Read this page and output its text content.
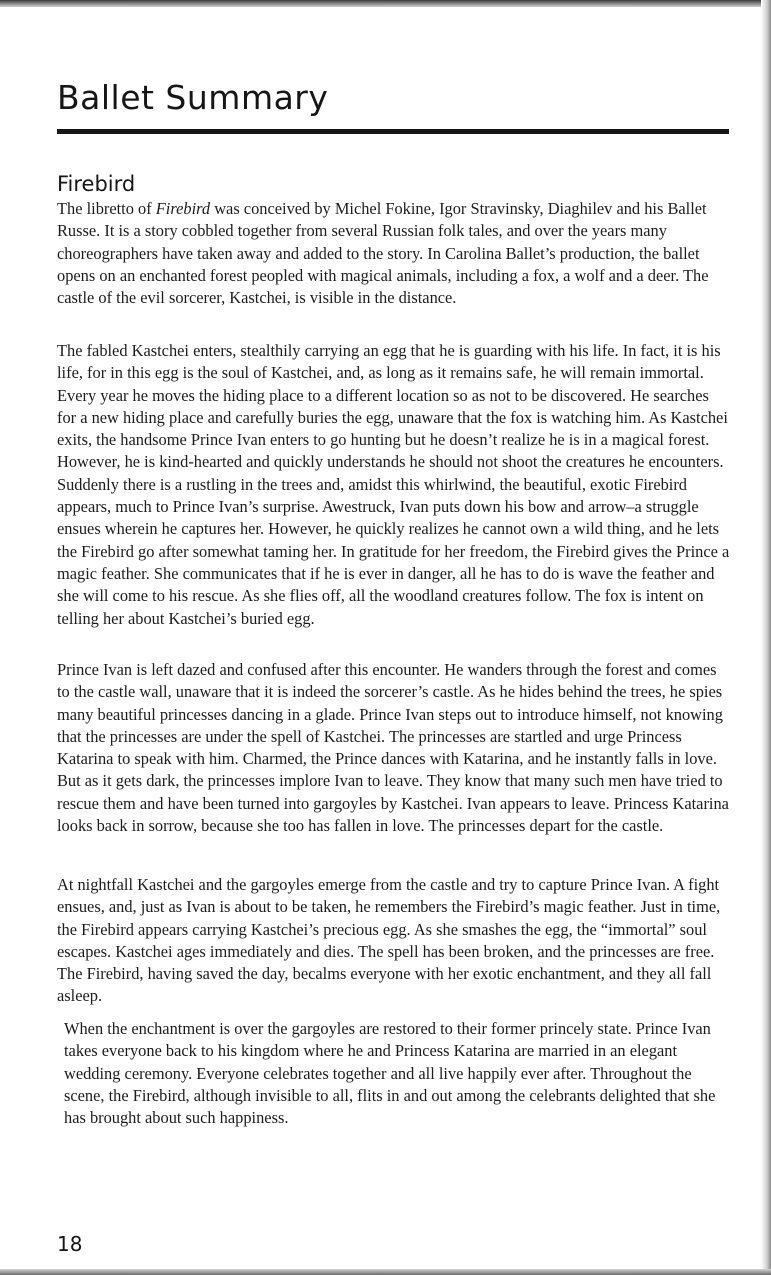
Ballet Summary
Firebird

The libretto of Firebird was conceived by Michel Fokine, Igor Stravinsky, Diaghilev and his Ballet Russe. It is a story cobbled together from several Russian folk tales, and over the years many choreographers have taken away and added to the story. In Carolina Ballet’s production, the ballet opens on an enchanted forest peopled with magical animals, including a fox, a wolf and a deer. The castle of the evil sorcerer, Kastchei, is visible in the distance.

The fabled Kastchei enters, stealthily carrying an egg that he is guarding with his life. In fact, it is his life, for in this egg is the soul of Kastchei, and, as long as it remains safe, he will remain immortal. Every year he moves the hiding place to a different location so as not to be discovered. He searches for a new hiding place and carefully buries the egg, unaware that the fox is watching him. As Kastchei exits, the handsome Prince Ivan enters to go hunting but he doesn’t realize he is in a magical forest. However, he is kind-hearted and quickly understands he should not shoot the creatures he encounters. Suddenly there is a rustling in the trees and, amidst this whirlwind, the beautiful, exotic Firebird appears, much to Prince Ivan’s surprise. Awestruck, Ivan puts down his bow and arrow–a struggle ensues wherein he captures her. However, he quickly realizes he cannot own a wild thing, and he lets the Firebird go after somewhat taming her. In gratitude for her freedom, the Firebird gives the Prince a magic feather. She communicates that if he is ever in danger, all he has to do is wave the feather and she will come to his rescue. As she flies off, all the woodland creatures follow. The fox is intent on telling her about Kastchei’s buried egg.

Prince Ivan is left dazed and confused after this encounter. He wanders through the forest and comes to the castle wall, unaware that it is indeed the sorcerer’s castle. As he hides behind the trees, he spies many beautiful princesses dancing in a glade. Prince Ivan steps out to introduce himself, not knowing that the princesses are under the spell of Kastchei. The princesses are startled and urge Princess Katarina to speak with him. Charmed, the Prince dances with Katarina, and he instantly falls in love. But as it gets dark, the princesses implore Ivan to leave. They know that many such men have tried to rescue them and have been turned into gargoyles by Kastchei. Ivan appears to leave. Princess Katarina looks back in sorrow, because she too has fallen in love. The princesses depart for the castle.

At nightfall Kastchei and the gargoyles emerge from the castle and try to capture Prince Ivan. A fight ensues, and, just as Ivan is about to be taken, he remembers the Firebird’s magic feather. Just in time, the Firebird appears carrying Kastchei’s precious egg. As she smashes the egg, the “immortal” soul escapes. Kastchei ages immediately and dies. The spell has been broken, and the princesses are free. The Firebird, having saved the day, becalms everyone with her exotic enchantment, and they all fall asleep.

When the enchantment is over the gargoyles are restored to their former princely state. Prince Ivan takes everyone back to his kingdom where he and Princess Katarina are married in an elegant wedding ceremony. Everyone celebrates together and all live happily ever after. Throughout the scene, the Firebird, although invisible to all, flits in and out among the celebrants delighted that she has brought about such happiness.

18
